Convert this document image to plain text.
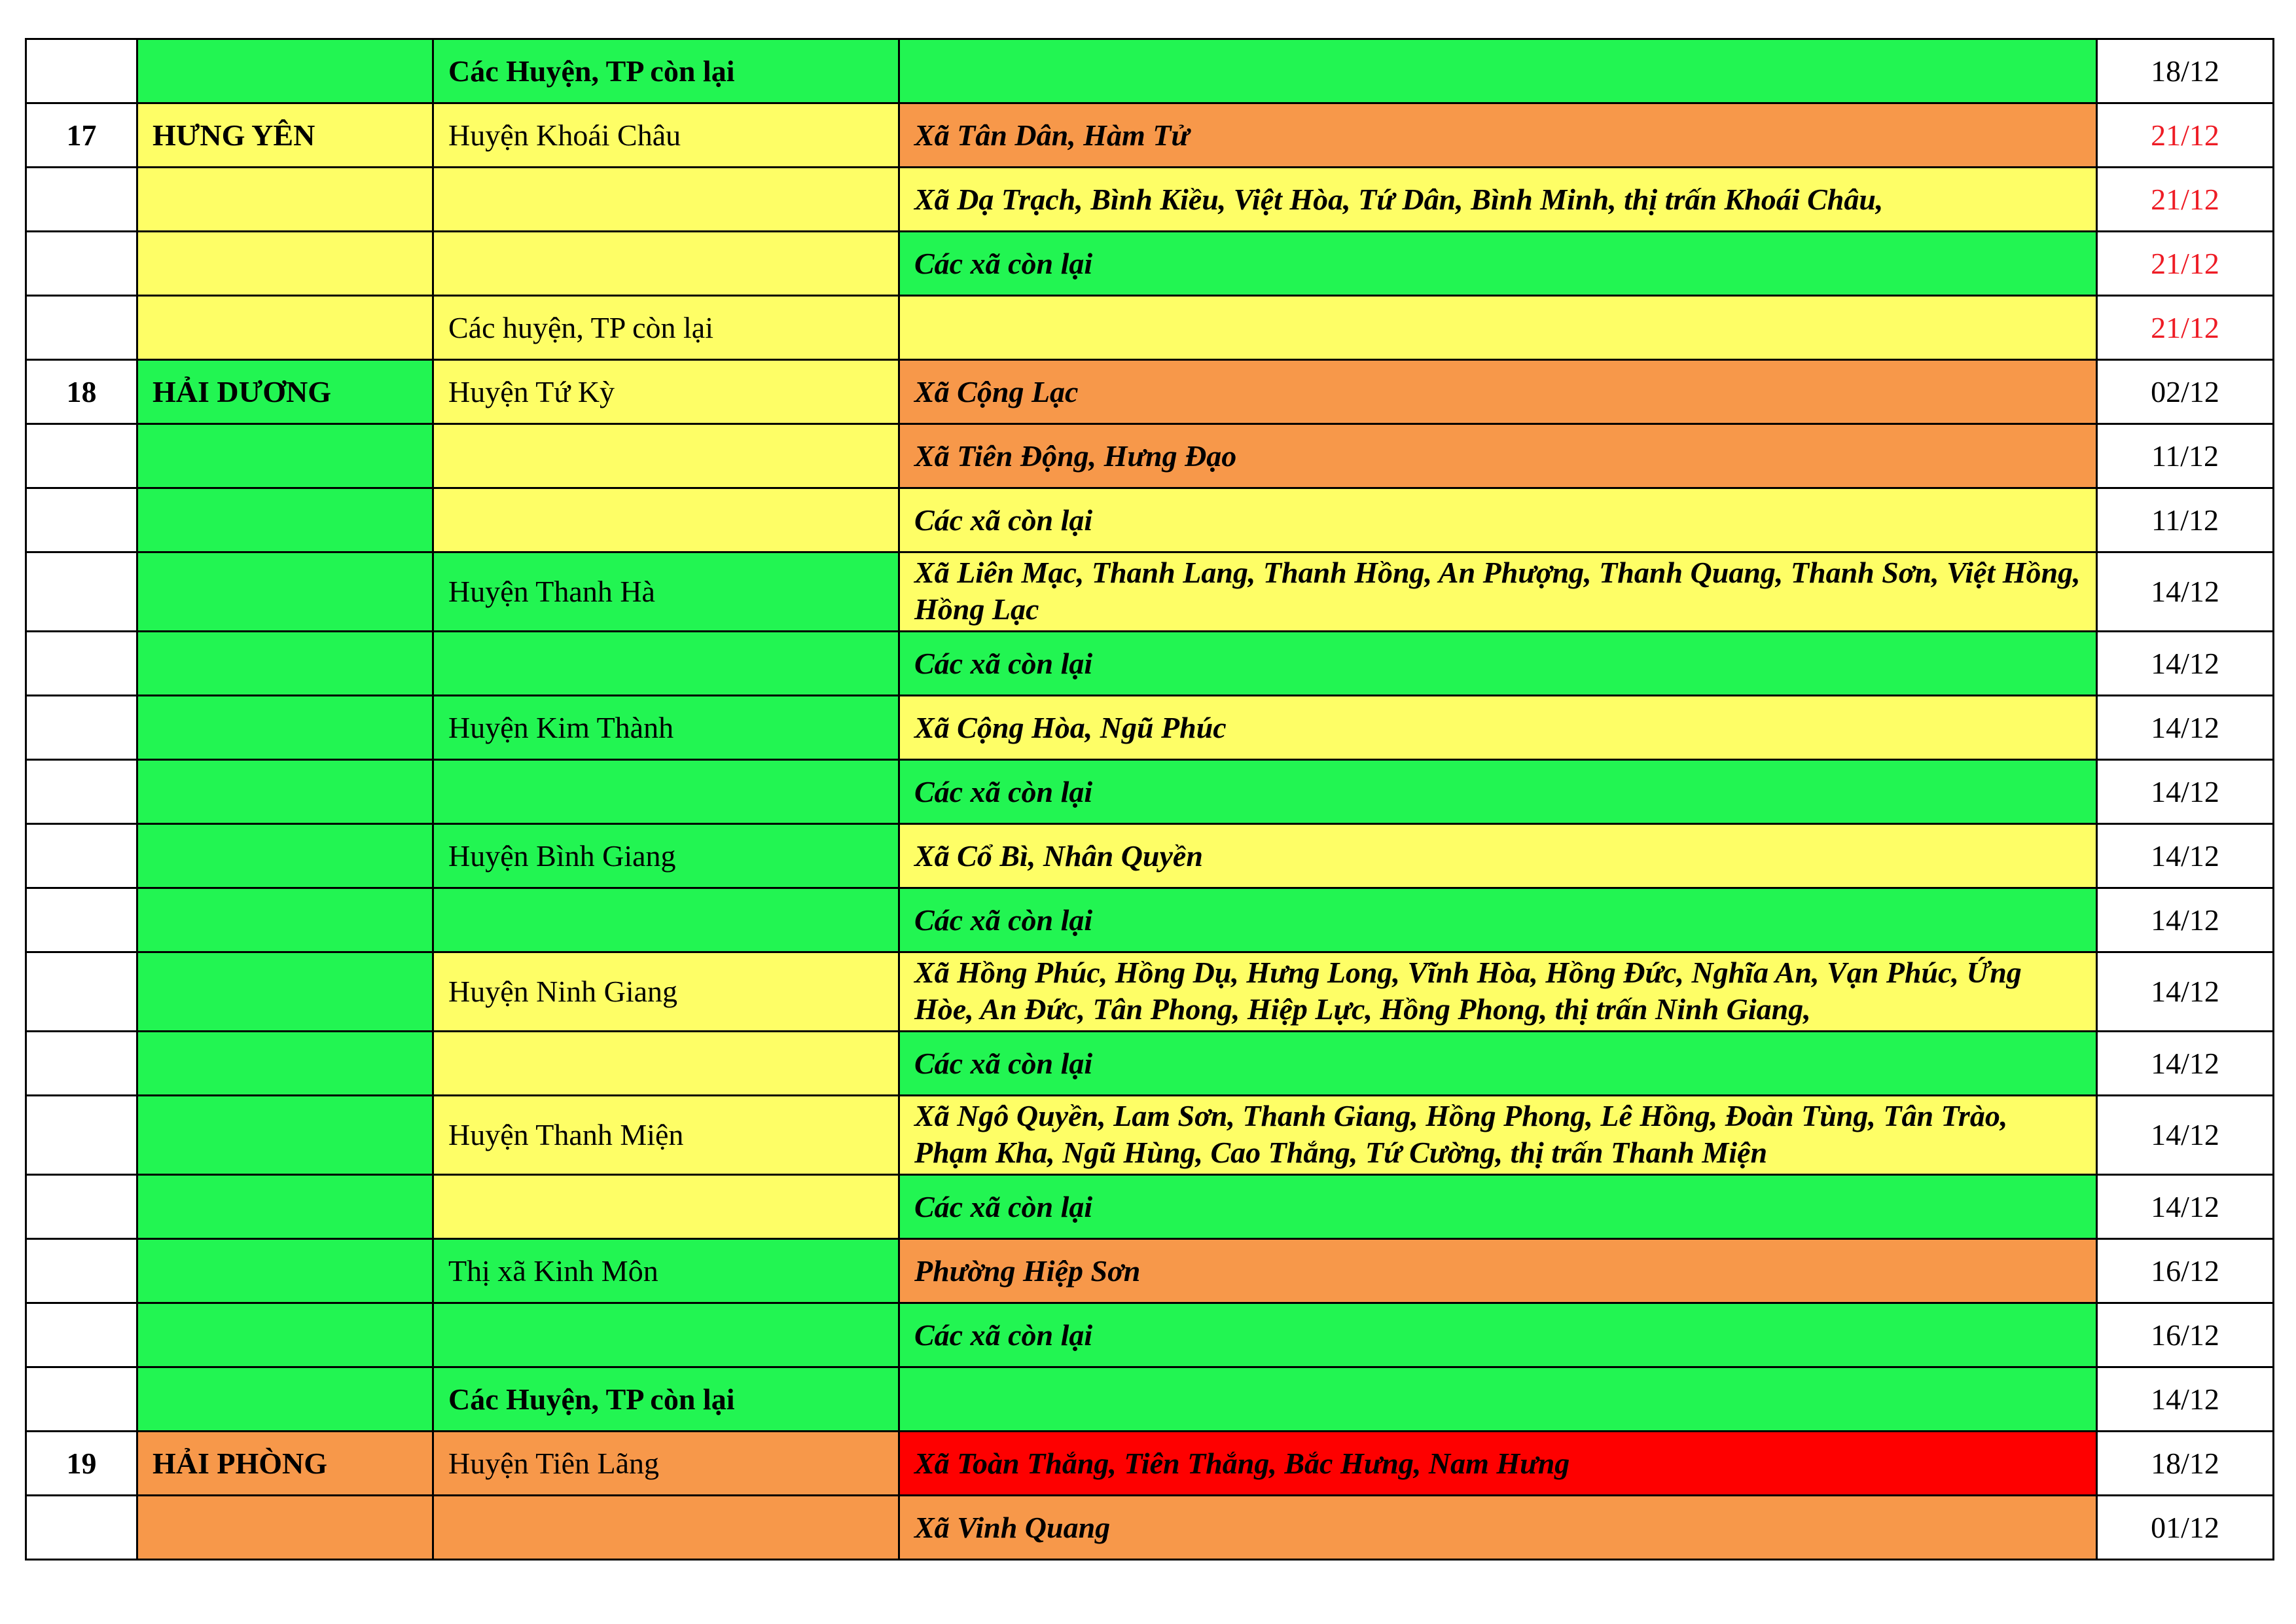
		Các Huyện, TP còn lại		18/12
17	HƯNG YÊN	Huyện Khoái Châu	Xã Tân Dân, Hàm Tử	21/12
			Xã Dạ Trạch, Bình Kiều, Việt Hòa, Tứ Dân, Bình Minh, thị trấn Khoái Châu,	21/12
			Các xã còn lại	21/12
		Các huyện, TP còn lại		21/12
18	HẢI DƯƠNG	Huyện Tứ Kỳ	Xã Cộng Lạc	02/12
			Xã Tiên Động, Hưng Đạo	11/12
			Các xã còn lại	11/12
		Huyện Thanh Hà	Xã Liên Mạc, Thanh Lang, Thanh Hồng, An Phượng, Thanh Quang, Thanh Sơn, Việt Hồng, Hồng Lạc	14/12
			Các xã còn lại	14/12
		Huyện Kim Thành	Xã Cộng Hòa, Ngũ Phúc	14/12
			Các xã còn lại	14/12
		Huyện Bình Giang	Xã Cổ Bì, Nhân Quyền	14/12
			Các xã còn lại	14/12
		Huyện Ninh Giang	Xã Hồng Phúc, Hồng Dụ, Hưng Long, Vĩnh Hòa, Hồng Đức, Nghĩa An, Vạn Phúc, Ứng Hòe, An Đức, Tân Phong, Hiệp Lực, Hồng Phong, thị trấn Ninh Giang,	14/12
			Các xã còn lại	14/12
		Huyện Thanh Miện	Xã Ngô Quyền, Lam Sơn, Thanh Giang, Hồng Phong, Lê Hồng, Đoàn Tùng, Tân Trào, Phạm Kha, Ngũ Hùng, Cao Thắng, Tứ Cường, thị trấn Thanh Miện	14/12
			Các xã còn lại	14/12
		Thị xã Kinh Môn	Phường Hiệp Sơn	16/12
			Các xã còn lại	16/12
		Các Huyện, TP còn lại		14/12
19	HẢI PHÒNG	Huyện Tiên Lãng	Xã Toàn Thắng, Tiên Thắng, Bắc Hưng, Nam Hưng	18/12
			Xã Vinh Quang	01/12
